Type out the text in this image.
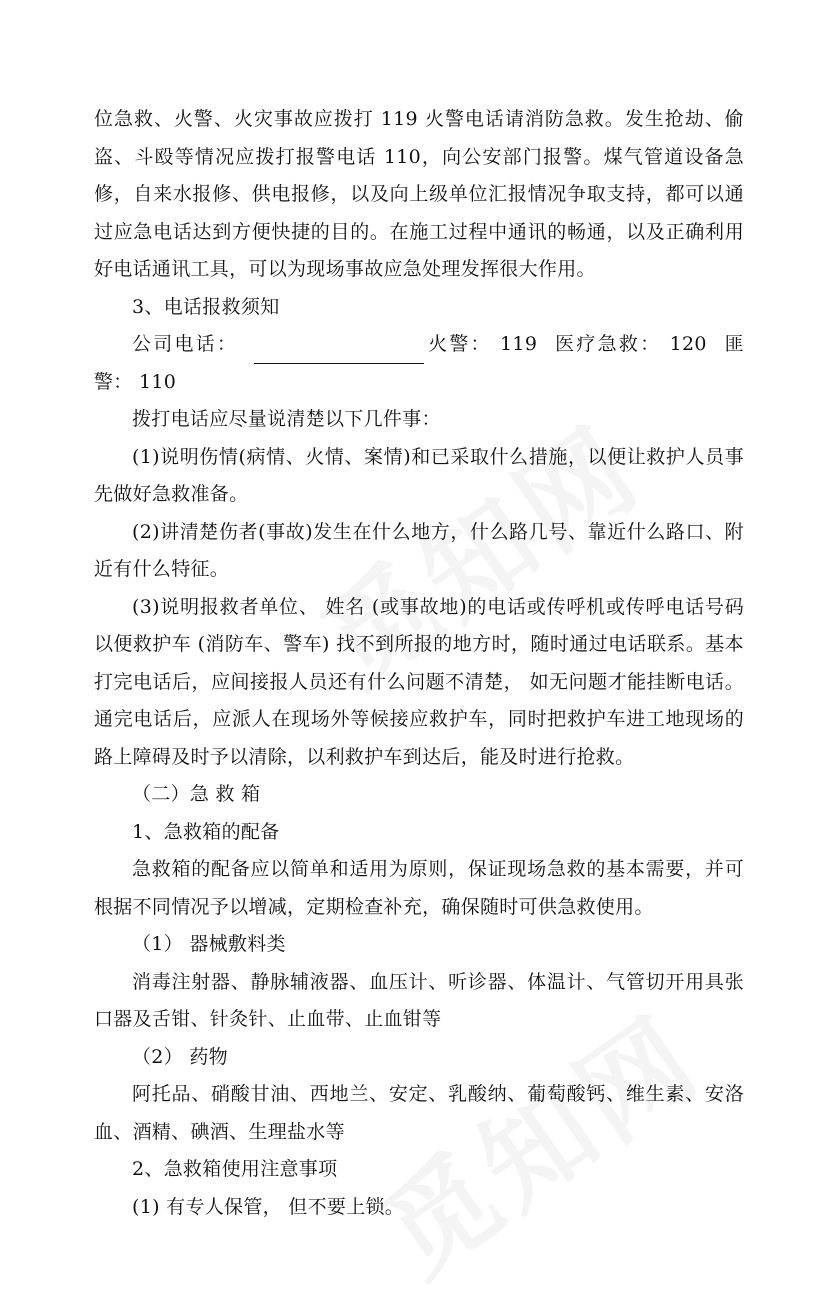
位急救、火警、火灾事故应拨打 119 火警电话请消防急救。发生抢劫、偷盗、斗殴等情况应拨打报警电话 110，向公安部门报警。煤气管道设备急修，自来水报修、供电报修，以及向上级单位汇报情况争取支持，都可以通过应急电话达到方便快捷的目的。在施工过程中通讯的畅通，以及正确利用好电话通讯工具，可以为现场事故应急处理发挥很大作用。

3、电话报救须知

公司电话：	火警： 119 医疗急救： 120 匪警： 110

拨打电话应尽量说清楚以下几件事：

(1)说明伤情(病情、火情、案情)和已采取什么措施，以便让救护人员事先做好急救准备。

(2)讲清楚伤者(事故)发生在什么地方，什么路几号、靠近什么路口、附近有什么特征。

(3)说明报救者单位、 姓名 (或事故地)的电话或传呼机或传呼电话号码以便救护车 (消防车、警车) 找不到所报的地方时，随时通过电话联系。基本打完电话后，应间接报人员还有什么问题不清楚， 如无问题才能挂断电话。通完电话后，应派人在现场外等候接应救护车，同时把救护车进工地现场的路上障碍及时予以清除，以利救护车到达后，能及时进行抢救。

（二）急 救 箱

1、急救箱的配备

急救箱的配备应以简单和适用为原则，保证现场急救的基本需要，并可根据不同情况予以增减，定期检查补充，确保随时可供急救使用。

（1） 器械敷料类

消毒注射器、静脉辅液器、血压计、听诊器、体温计、气管切开用具张口器及舌钳、针灸针、止血带、止血钳等

（2） 药物

阿托品、硝酸甘油、西地兰、安定、乳酸纳、葡萄酸钙、维生素、安洛血、酒精、碘酒、生理盐水等

2、急救箱使用注意事项

(1) 有专人保管， 但不要上锁。
